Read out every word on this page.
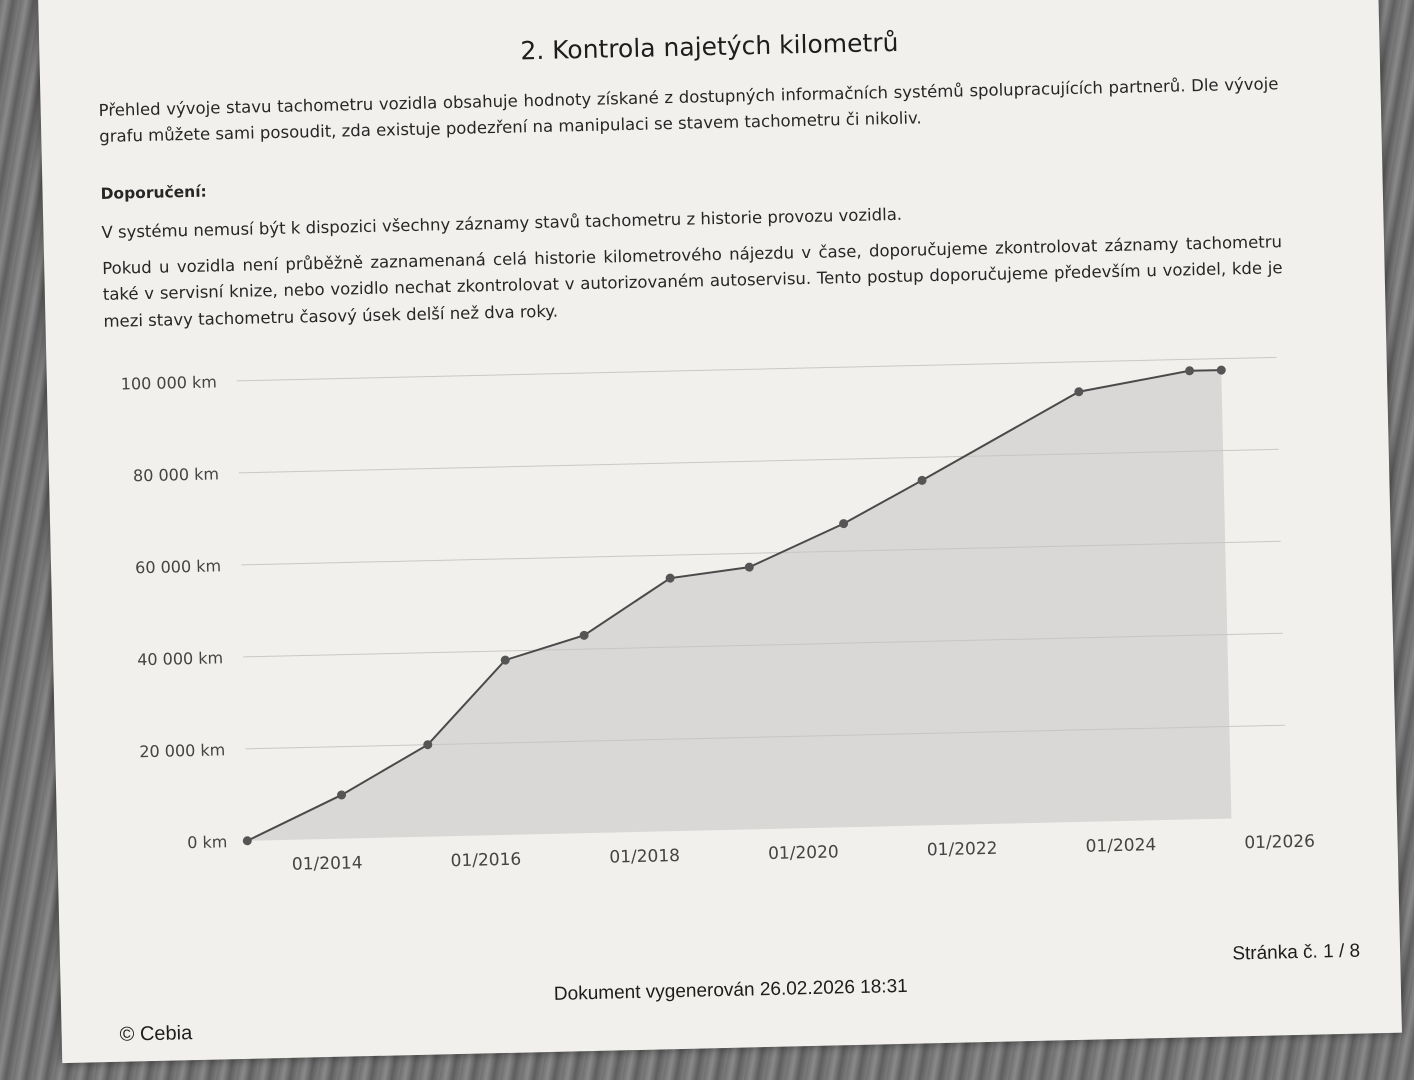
2. Kontrola najetých kilometrů
Přehled vývoje stavu tachometru vozidla obsahuje hodnoty získané z dostupných informačních systémů spolupracujících partnerů. Dle vývoje grafu můžete sami posoudit, zda existuje podezření na manipulaci se stavem tachometru či nikoliv.
Doporučení:
V systému nemusí být k dispozici všechny záznamy stavů tachometru z historie provozu vozidla.
Pokud u vozidla není průběžně zaznamenaná celá historie kilometrového nájezdu v čase, doporučujeme zkontrolovat záznamy tachometru také v servisní knize, nebo vozidlo nechat zkontrolovat v autorizovaném autoservisu. Tento postup doporučujeme především u vozidel, kde je mezi stavy tachometru časový úsek delší než dva roky.
0 km
20 000 km
40 000 km
60 000 km
80 000 km
100 000 km
01/2014	01/2016	01/2018	01/2020	01/2022	01/2024	01/2026
Stránka č. 1 / 8
Dokument vygenerován 26.02.2026 18:31
© Cebia
